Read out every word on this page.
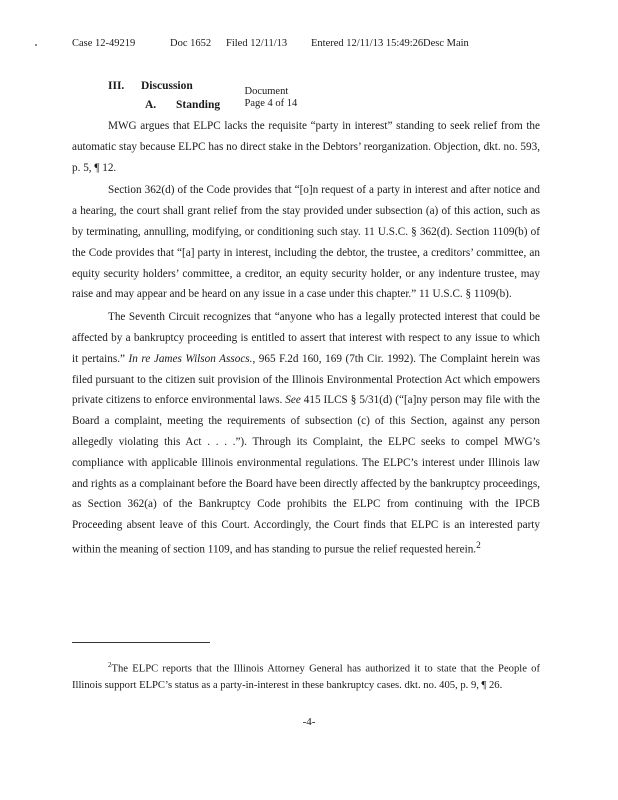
Case 12-49219	Doc 1652	Filed 12/11/13	Entered 12/11/13 15:49:26 Desc Main

Document
Page 4 of 14

III. Discussion
A. Standing

MWG argues that ELPC lacks the requisite “party in interest” standing to seek relief from the automatic stay because ELPC has no direct stake in the Debtors’ reorganization. Objection, dkt. no. 593, p. 5, ¶ 12.

Section 362(d) of the Code provides that “[o]n request of a party in interest and after notice and a hearing, the court shall grant relief from the stay provided under subsection (a) of this action, such as by terminating, annulling, modifying, or conditioning such stay. 11 U.S.C. § 362(d). Section 1109(b) of the Code provides that “[a] party in interest, including the debtor, the trustee, a creditors’ committee, an equity security holders’ committee, a creditor, an equity security holder, or any indenture trustee, may raise and may appear and be heard on any issue in a case under this chapter.” 11 U.S.C. § 1109(b).

The Seventh Circuit recognizes that “anyone who has a legally protected interest that could be affected by a bankruptcy proceeding is entitled to assert that interest with respect to any issue to which it pertains.” In re James Wilson Assocs., 965 F.2d 160, 169 (7th Cir. 1992). The Complaint herein was filed pursuant to the citizen suit provision of the Illinois Environmental Protection Act which empowers private citizens to enforce environmental laws. See 415 ILCS § 5/31(d) (“[a]ny person may file with the Board a complaint, meeting the requirements of subsection (c) of this Section, against any person allegedly violating this Act . . . .”). Through its Complaint, the ELPC seeks to compel MWG’s compliance with applicable Illinois environmental regulations. The ELPC’s interest under Illinois law and rights as a complainant before the Board have been directly affected by the bankruptcy proceedings, as Section 362(a) of the Bankruptcy Code prohibits the ELPC from continuing with the IPCB Proceeding absent leave of this Court. Accordingly, the Court finds that ELPC is an interested party within the meaning of section 1109, and has standing to pursue the relief requested herein.$^2$

$^2$The ELPC reports that the Illinois Attorney General has authorized it to state that the People of Illinois support ELPC’s status as a party-in-interest in these bankruptcy cases. dkt. no. 405, p. 9, ¶ 26.
-4-
